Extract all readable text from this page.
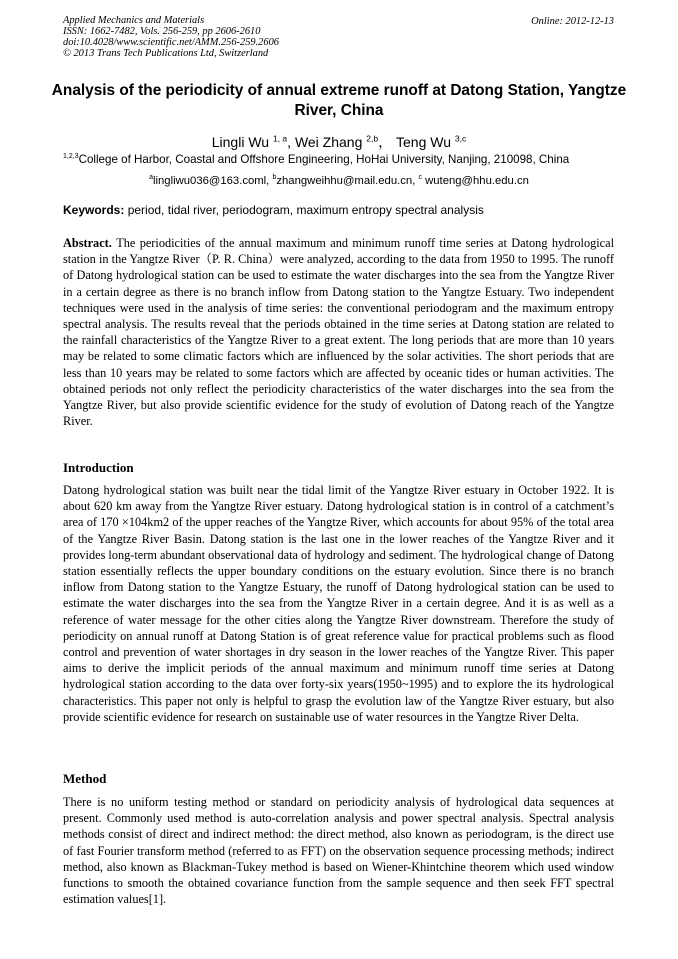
Applied Mechanics and Materials
ISSN: 1662-7482, Vols. 256-259, pp 2606-2610
doi:10.4028/www.scientific.net/AMM.256-259.2606
© 2013 Trans Tech Publications Ltd, Switzerland
Online: 2012-12-13
Analysis of the periodicity of annual extreme runoff at Datong Station, Yangtze River, China
Lingli Wu $^{1, a}$, Wei Zhang $^{2,b}$， Teng Wu $^{3,c}$
$^{1,2,3}$College of Harbor, Coastal and Offshore Engineering, HoHai University, Nanjing, 210098, China
$^a$lingliwu036@163.coml, $^b$zhangweihhu@mail.edu.cn, $^c$ wuteng@hhu.edu.cn
Keywords: period, tidal river, periodogram, maximum entropy spectral analysis
Abstract. The periodicities of the annual maximum and minimum runoff time series at Datong hydrological station in the Yangtze River（P. R. China）were analyzed, according to the data from 1950 to 1995. The runoff of Datong hydrological station can be used to estimate the water discharges into the sea from the Yangtze River in a certain degree as there is no branch inflow from Datong station to the Yangtze Estuary. Two independent techniques were used in the analysis of time series: the conventional periodogram and the maximum entropy spectral analysis. The results reveal that the periods obtained in the time series at Datong station are related to the rainfall characteristics of the Yangtze River to a great extent. The long periods that are more than 10 years may be related to some climatic factors which are influenced by the solar activities. The short periods that are less than 10 years may be related to some factors which are affected by oceanic tides or human activities. The obtained periods not only reflect the periodicity characteristics of the water discharges into the sea from the Yangtze River, but also provide scientific evidence for the study of evolution of Datong reach of the Yangtze River.
Introduction
Datong hydrological station was built near the tidal limit of the Yangtze River estuary in October 1922. It is about 620 km away from the Yangtze River estuary. Datong hydrological station is in control of a catchment’s area of 170 ×104km2 of the upper reaches of the Yangtze River, which accounts for about 95% of the total area of the Yangtze River Basin. Datong station is the last one in the lower reaches of the Yangtze River and it provides long-term abundant observational data of hydrology and sediment. The hydrological change of Datong station essentially reflects the upper boundary conditions on the estuary evolution. Since there is no branch inflow from Datong station to the Yangtze Estuary, the runoff of Datong hydrological station can be used to estimate the water discharges into the sea from the Yangtze River in a certain degree. And it is as well as a reference of water message for the other cities along the Yangtze River downstream. Therefore the study of periodicity on annual runoff at Datong Station is of great reference value for practical problems such as flood control and prevention of water shortages in dry season in the lower reaches of the Yangtze River. This paper aims to derive the implicit periods of the annual maximum and minimum runoff time series at Datong hydrological station according to the data over forty-six years(1950~1995) and to explore the its hydrological characteristics. This paper not only is helpful to grasp the evolution law of the Yangtze River estuary, but also provide scientific evidence for research on sustainable use of water resources in the Yangtze River Delta.
Method
There is no uniform testing method or standard on periodicity analysis of hydrological data sequences at present. Commonly used method is auto-correlation analysis and power spectral analysis. Spectral analysis methods consist of direct and indirect method: the direct method, also known as periodogram, is the direct use of fast Fourier transform method (referred to as FFT) on the observation sequence processing methods; indirect method, also known as Blackman-Tukey method is based on Wiener-Khintchine theorem which used window functions to smooth the obtained covariance function from the sample sequence and then seek FFT spectral estimation values[1].
